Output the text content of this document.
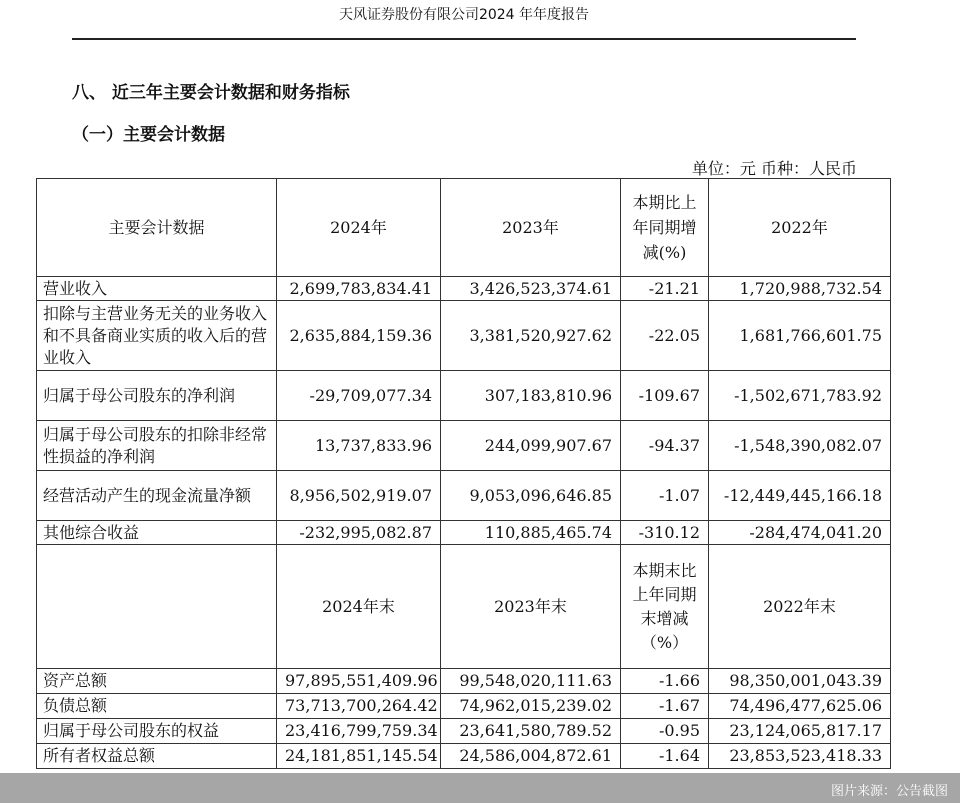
天风证券股份有限公司2024 年年度报告
八、 近三年主要会计数据和财务指标
（一）主要会计数据
单位：元 币种：人民币
主要会计数据	2024年	2023年	本期比上年同期增减(%)	2022年
营业收入	2,699,783,834.41	3,426,523,374.61	-21.21	1,720,988,732.54
扣除与主营业务无关的业务收入和不具备商业实质的收入后的营业收入	2,635,884,159.36	3,381,520,927.62	-22.05	1,681,766,601.75
归属于母公司股东的净利润	-29,709,077.34	307,183,810.96	-109.67	-1,502,671,783.92
归属于母公司股东的扣除非经常性损益的净利润	13,737,833.96	244,099,907.67	-94.37	-1,548,390,082.07
经营活动产生的现金流量净额	8,956,502,919.07	9,053,096,646.85	-1.07	-12,449,445,166.18
其他综合收益	-232,995,082.87	110,885,465.74	-310.12	-284,474,041.20
	2024年末	2023年末	本期末比上年同期末增减（%）	2022年末
资产总额	97,895,551,409.96	99,548,020,111.63	-1.66	98,350,001,043.39
负债总额	73,713,700,264.42	74,962,015,239.02	-1.67	74,496,477,625.06
归属于母公司股东的权益	23,416,799,759.34	23,641,580,789.52	-0.95	23,124,065,817.17
所有者权益总额	24,181,851,145.54	24,586,004,872.61	-1.64	23,853,523,418.33
图片来源：公告截图
